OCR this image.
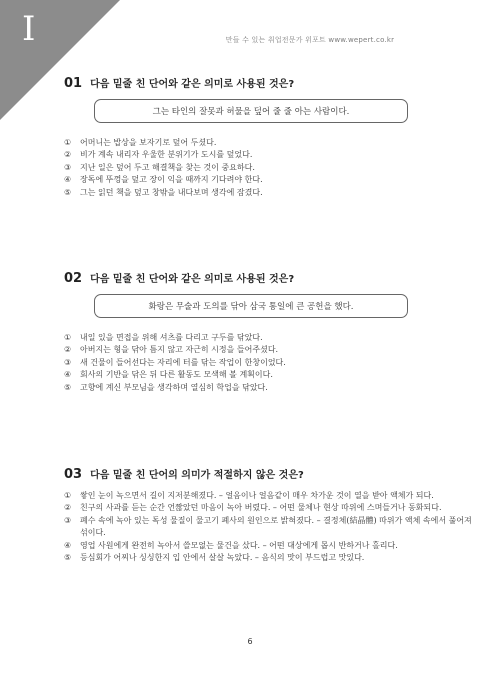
I	만들 수 있는 취업전문가 위포트 www.wepert.co.kr
01 다음 밑줄 친 단어와 같은 의미로 사용된 것은?
그는 타인의 잘못과 허물을 덮어 줄 줄 아는 사람이다.
①	어머니는 밥상을 보자기로 덮어 두셨다.
②	비가 계속 내리자 우울한 분위기가 도시를 덮었다.
③	지난 일은 덮어 두고 해결책을 찾는 것이 중요하다.
④	장독에 뚜껑을 덮고 장이 익을 때까지 기다려야 한다.
⑤	그는 읽던 책을 덮고 창밖을 내다보며 생각에 잠겼다.
02 다음 밑줄 친 단어와 같은 의미로 사용된 것은?
화랑은 무술과 도의를 닦아 삼국 통일에 큰 공헌을 했다.
①	내일 있을 면접을 위해 셔츠를 다리고 구두를 닦았다.
②	아버지는 형을 닦아 틈지 않고 자근히 시정을 들어주셨다.
③	새 건물이 들어선다는 자리에 터를 닦는 작업이 한창이었다.
④	회사의 기반을 닦은 뒤 다른 활동도 모색해 볼 계획이다.
⑤	고향에 계신 부모님을 생각하며 열심히 학업을 닦았다.
03 다음 밑줄 친 단어의 의미가 적절하지 않은 것은?
①	쌓인 눈이 녹으면서 길이 지저분해졌다. – 얼음이나 얼음같이 매우 차가운 것이 열을 받아 액체가 되다.
②	친구의 사과를 듣는 순간 언짢았던 마음이 녹아 버렸다. – 어떤 물체나 현상 따위에 스며들거나 동화되다.
③	폐수 속에 녹아 있는 독성 물질이 물고기 폐사의 원인으로 밝혀졌다. – 결정체(結晶體) 따위가 액체 속에서 풀어져 섞이다.
④	영업 사원에게 완전히 녹아서 쓸모없는 물건을 샀다. – 어떤 대상에게 몹시 반하거나 홀리다.
⑤	등심회가 어찌나 싱싱한지 입 안에서 살살 녹았다. – 음식의 맛이 부드럽고 맛있다.
6
